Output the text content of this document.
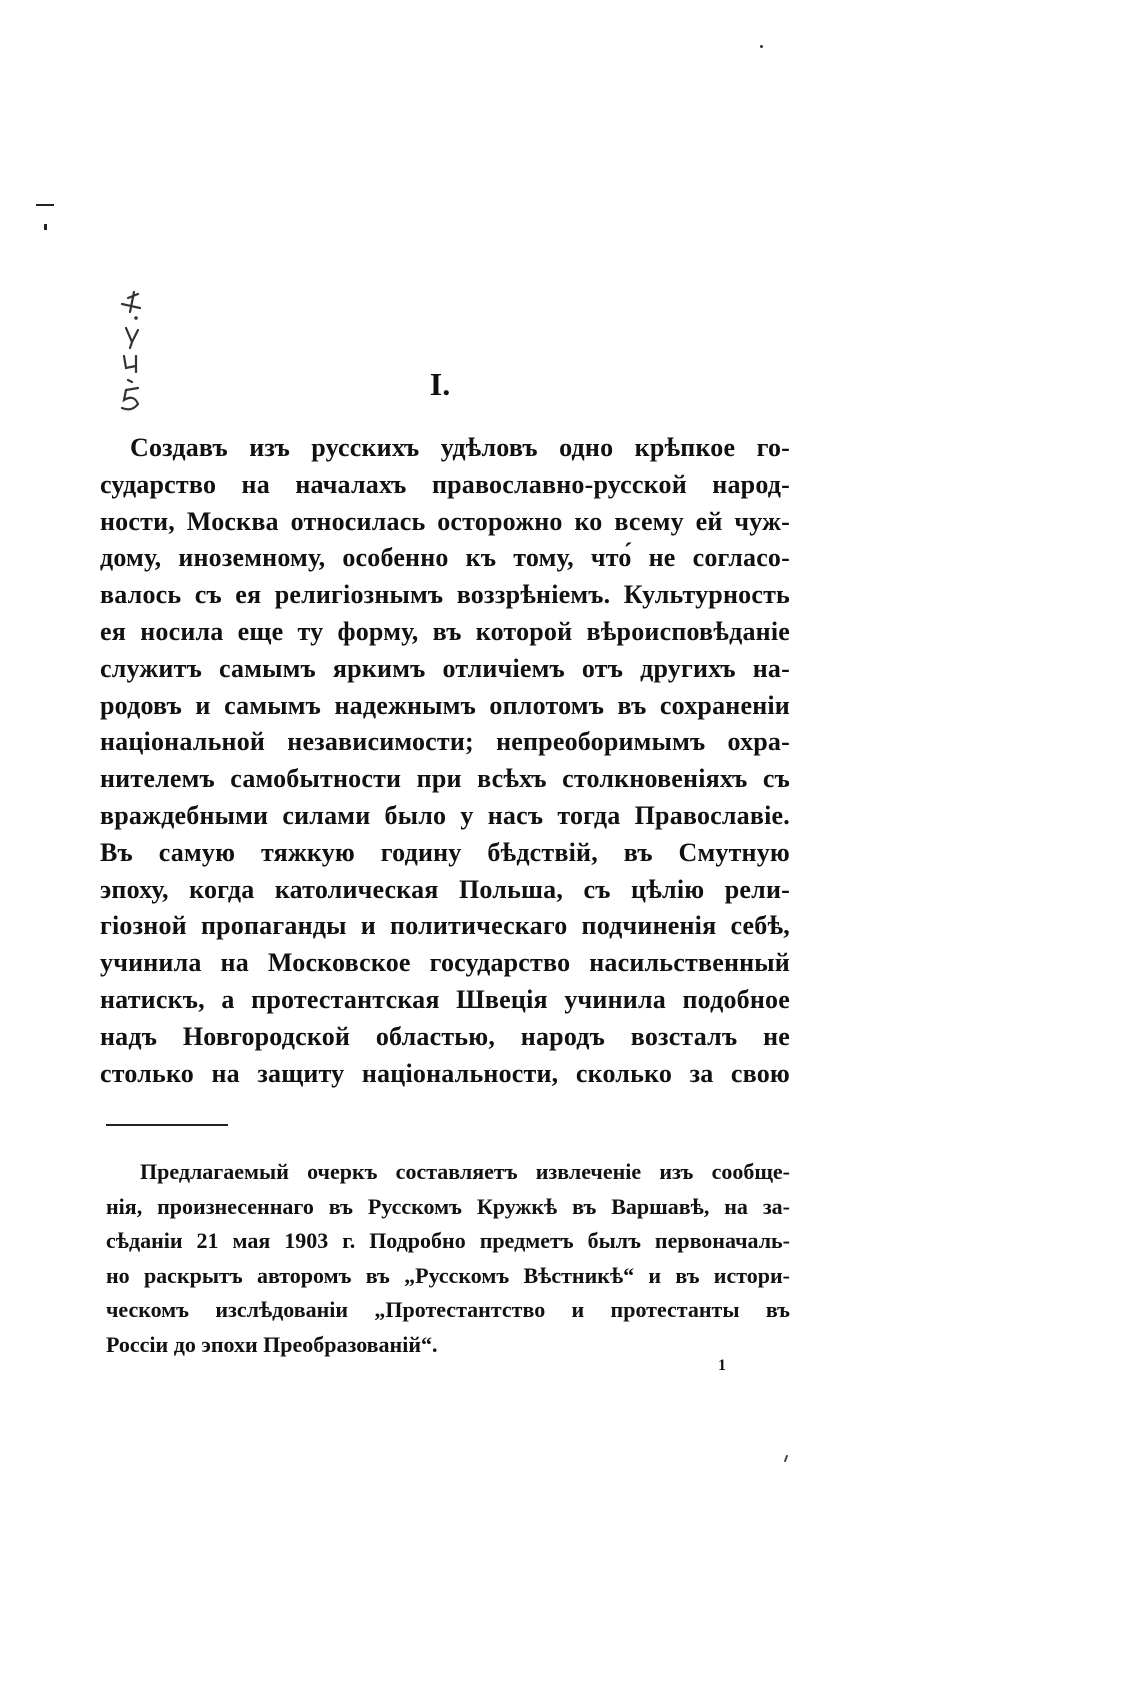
I.
Создавъ изъ русскихъ удѣловъ одно крѣпкое го-
сударство на началахъ православно-русской народ-
ности, Москва относилась осторожно ко всему ей чуж-
дому, иноземному, особенно къ тому, что́ не согласо-
валось съ ея религіознымъ воззрѣніемъ. Культурность
ея носила еще ту форму, въ которой вѣроисповѣданіе
служитъ самымъ яркимъ отличіемъ отъ другихъ на-
родовъ и самымъ надежнымъ оплотомъ въ сохраненіи
національной независимости; непреоборимымъ охра-
нителемъ самобытности при всѣхъ столкновеніяхъ съ
враждебными силами было у насъ тогда Православіе.
Въ самую тяжкую годину бѣдствій, въ Смутную
эпоху, когда католическая Польша, съ цѣлію рели-
гіозной пропаганды и политическаго подчиненія себѣ,
учинила на Московское государство насильственный
натискъ, а протестантская Швеція учинила подобное
надъ Новгородской областью, народъ возсталъ не
столько на защиту національности, сколько за свою
Предлагаемый очеркъ составляетъ извлеченіе изъ сообще-
нія, произнесеннаго въ Русскомъ Кружкѣ въ Варшавѣ, на за-
сѣданіи 21 мая 1903 г. Подробно предметъ былъ первоначаль-
но раскрытъ авторомъ въ „Русскомъ Вѣстникѣ“ и въ истори-
ческомъ изслѣдованіи „Протестантство и протестанты въ
Россіи до эпохи Преобразованій“.
1
